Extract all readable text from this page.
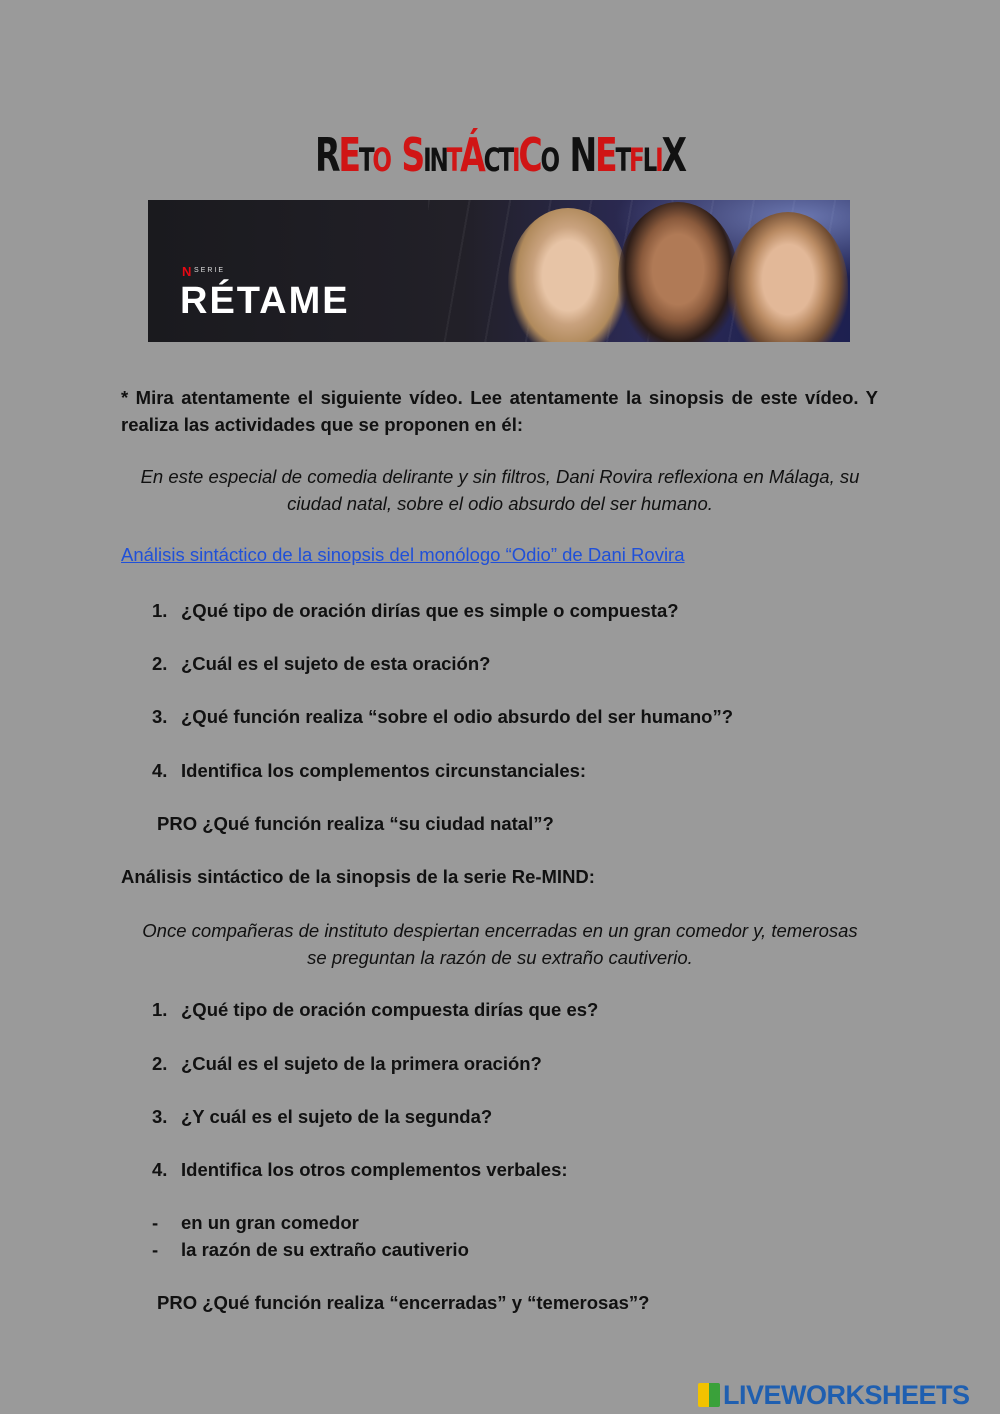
RETO SINTÁCTICO NETFLIX
N SERIE
RÉTAME

* Mira atentamente el siguiente vídeo. Lee atentamente la sinopsis de este vídeo. Y realiza las actividades que se proponen en él:

En este especial de comedia delirante y sin filtros, Dani Rovira reflexiona en Málaga, su ciudad natal, sobre el odio absurdo del ser humano.

Análisis sintáctico de la sinopsis del monólogo “Odio” de Dani Rovira
1. ¿Qué tipo de oración dirías que es simple o compuesta?
2. ¿Cuál es el sujeto de esta oración?
3. ¿Qué función realiza “sobre el odio absurdo del ser humano”?
4. Identifica los complementos circunstanciales:
PRO ¿Qué función realiza “su ciudad natal”?
Análisis sintáctico de la sinopsis de la serie Re-MIND:

Once compañeras de instituto despiertan encerradas en un gran comedor y, temerosas se preguntan la razón de su extraño cautiverio.

1. ¿Qué tipo de oración compuesta dirías que es?
2. ¿Cuál es el sujeto de la primera oración?
3. ¿Y cuál es el sujeto de la segunda?
4. Identifica los otros complementos verbales:
- en un gran comedor
- la razón de su extraño cautiverio
PRO ¿Qué función realiza “encerradas” y “temerosas”?
LIVEWORKSHEETS
